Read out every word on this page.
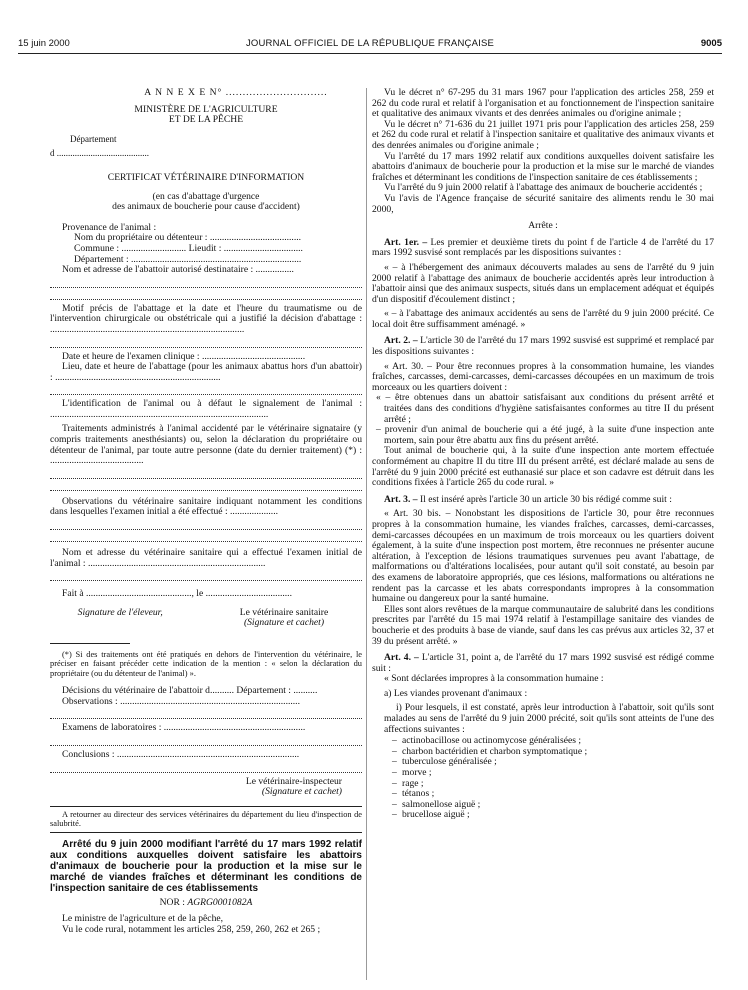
15 juin 2000	JOURNAL OFFICIEL DE LA RÉPUBLIQUE FRANÇAISE	9005

A N N E X E N° ..............................

MINISTÈRE DE L'AGRICULTURE

ET DE LA PÊCHE

Département

d .........................................

CERTIFICAT VÉTÉRINAIRE D'INFORMATION

(en cas d'abattage d'urgence

des animaux de boucherie pour cause d'accident)

Provenance de l'animal :

Nom du propriétaire ou détenteur : ......................................

Commune : ........................... Lieudit : .................................

Département : .......................................................................

Nom et adresse de l'abattoir autorisé destinataire : ................

Motif précis de l'abattage et la date et l'heure du traumatisme ou de l'intervention chirurgicale ou obstétricale qui a justifié la décision d'abattage : .................................................................................

Date et heure de l'examen clinique : ...........................................

Lieu, date et heure de l'abattage (pour les animaux abattus hors d'un abattoir) : .....................................................................

L'identification de l'animal ou à défaut le signalement de l'animal : ...........................................................................................

Traitements administrés à l'animal accidenté par le vétérinaire signataire (y compris traitements anesthésiants) ou, selon la déclaration du propriétaire ou détenteur de l'animal, par toute autre personne (date du dernier traitement) (*) : .......................................

Observations du vétérinaire sanitaire indiquant notamment les conditions dans lesquelles l'examen initial a été effectué : ....................

Nom et adresse du vétérinaire sanitaire qui a effectué l'examen initial de l'animal : ..........................................................................

Fait à ............................................, le ....................................

Signature de l'éleveur,	Le vétérinaire sanitaire
(Signature et cachet)

(*) Si des traitements ont été pratiqués en dehors de l'intervention du vétérinaire, le préciser en faisant précéder cette indication de la mention : « selon la déclaration du propriétaire (ou du détenteur de l'animal) ».

Décisions du vétérinaire de l'abattoir d.......... Département : ..........

Observations : ...........................................................................

Examens de laboratoires : ...........................................................

Conclusions : ............................................................................

Le vétérinaire-inspecteur
(Signature et cachet)

A retourner au directeur des services vétérinaires du département du lieu d'inspection de salubrité.

Arrêté du 9 juin 2000 modifiant l'arrêté du 17 mars 1992 relatif aux conditions auxquelles doivent satisfaire les abattoirs d'animaux de boucherie pour la production et la mise sur le marché de viandes fraîches et déterminant les conditions de l'inspection sanitaire de ces établissements

NOR : AGRG0001082A

Le ministre de l'agriculture et de la pêche,

Vu le code rural, notamment les articles 258, 259, 260, 262 et 265 ;

Vu le décret n° 67-295 du 31 mars 1967 pour l'application des articles 258, 259 et 262 du code rural et relatif à l'organisation et au fonctionnement de l'inspection sanitaire et qualitative des animaux vivants et des denrées animales ou d'origine animale ;

Vu le décret n° 71-636 du 21 juillet 1971 pris pour l'application des articles 258, 259 et 262 du code rural et relatif à l'inspection sanitaire et qualitative des animaux vivants et des denrées animales ou d'origine animale ;

Vu l'arrêté du 17 mars 1992 relatif aux conditions auxquelles doivent satisfaire les abattoirs d'animaux de boucherie pour la production et la mise sur le marché de viandes fraîches et déterminant les conditions de l'inspection sanitaire de ces établissements ;

Vu l'arrêté du 9 juin 2000 relatif à l'abattage des animaux de boucherie accidentés ;

Vu l'avis de l'Agence française de sécurité sanitaire des aliments rendu le 30 mai 2000,

Arrête :

Art. 1er. – Les premier et deuxième tirets du point f de l'article 4 de l'arrêté du 17 mars 1992 susvisé sont remplacés par les dispositions suivantes :

« – à l'hébergement des animaux découverts malades au sens de l'arrêté du 9 juin 2000 relatif à l'abattage des animaux de boucherie accidentés après leur introduction à l'abattoir ainsi que des animaux suspects, situés dans un emplacement adéquat et équipés d'un dispositif d'écoulement distinct ;

« – à l'abattage des animaux accidentés au sens de l'arrêté du 9 juin 2000 précité. Ce local doit être suffisamment aménagé. »

Art. 2. – L'article 30 de l'arrêté du 17 mars 1992 susvisé est supprimé et remplacé par les dispositions suivantes :

« Art. 30. – Pour être reconnues propres à la consommation humaine, les viandes fraîches, carcasses, demi-carcasses, demi-carcasses découpées en un maximum de trois morceaux ou les quartiers doivent :

« – être obtenues dans un abattoir satisfaisant aux conditions du présent arrêté et traitées dans des conditions d'hygiène satisfaisantes conformes au titre II du présent arrêté ;

– provenir d'un animal de boucherie qui a été jugé, à la suite d'une inspection ante mortem, sain pour être abattu aux fins du présent arrêté.

Tout animal de boucherie qui, à la suite d'une inspection ante mortem effectuée conformément au chapitre II du titre III du présent arrêté, est déclaré malade au sens de l'arrêté du 9 juin 2000 précité est euthanasié sur place et son cadavre est détruit dans les conditions fixées à l'article 265 du code rural. »

Art. 3. – Il est inséré après l'article 30 un article 30 bis rédigé comme suit :

« Art. 30 bis. – Nonobstant les dispositions de l'article 30, pour être reconnues propres à la consommation humaine, les viandes fraîches, carcasses, demi-carcasses, demi-carcasses découpées en un maximum de trois morceaux ou les quartiers doivent également, à la suite d'une inspection post mortem, être reconnues ne présenter aucune altération, à l'exception de lésions traumatiques survenues peu avant l'abattage, de malformations ou d'altérations localisées, pour autant qu'il soit constaté, au besoin par des examens de laboratoire appropriés, que ces lésions, malformations ou altérations ne rendent pas la carcasse et les abats correspondants impropres à la consommation humaine ou dangereux pour la santé humaine.

Elles sont alors revêtues de la marque communautaire de salubrité dans les conditions prescrites par l'arrêté du 15 mai 1974 relatif à l'estampillage sanitaire des viandes de boucherie et des produits à base de viande, sauf dans les cas prévus aux articles 32, 37 et 39 du présent arrêté. »

Art. 4. – L'article 31, point a, de l'arrêté du 17 mars 1992 susvisé est rédigé comme suit :

« Sont déclarées impropres à la consommation humaine :

a) Les viandes provenant d'animaux :

i) Pour lesquels, il est constaté, après leur introduction à l'abattoir, soit qu'ils sont malades au sens de l'arrêté du 9 juin 2000 précité, soit qu'ils sont atteints de l'une des affections suivantes :

– actinobacillose ou actinomycose généralisées ;
– charbon bactéridien et charbon symptomatique ;
– tuberculose généralisée ;
– morve ;
– rage ;
– tétanos ;
– salmonellose aiguë ;
– brucellose aiguë ;
